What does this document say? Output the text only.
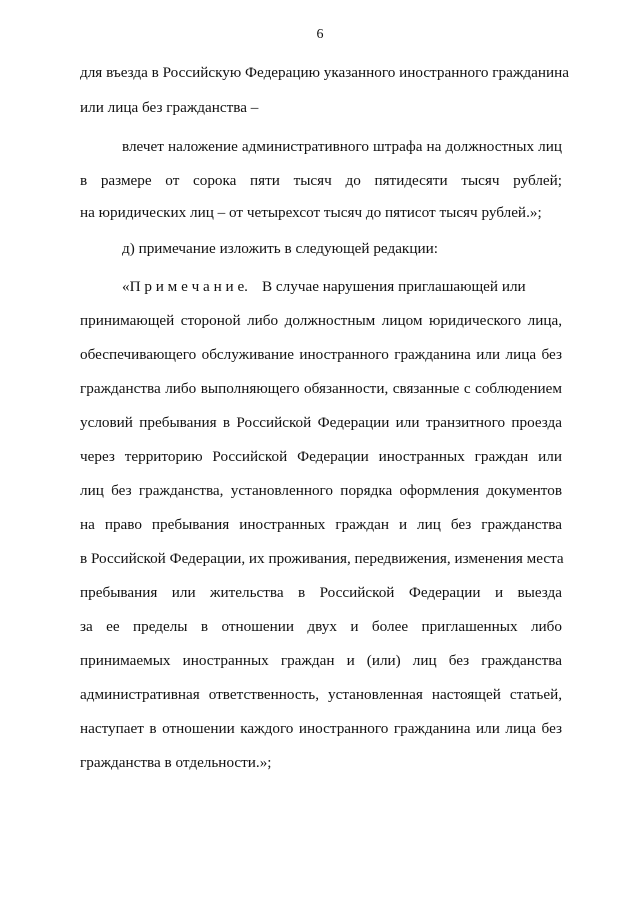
6
для въезда в Российскую Федерацию указанного иностранного гражданина
или лица без гражданства –
влечет наложение административного штрафа на должностных лиц
в размере от сорока пяти тысяч до пятидесяти тысяч рублей;
на юридических лиц – от четырехсот тысяч до пятисот тысяч рублей.»;
д) примечание изложить в следующей редакции:
«П р и м е ч а н и е. В случае нарушения приглашающей или
принимающей стороной либо должностным лицом юридического лица,
обеспечивающего обслуживание иностранного гражданина или лица без
гражданства либо выполняющего обязанности, связанные с соблюдением
условий пребывания в Российской Федерации или транзитного проезда
через территорию Российской Федерации иностранных граждан или
лиц без гражданства, установленного порядка оформления документов
на право пребывания иностранных граждан и лиц без гражданства
в Российской Федерации, их проживания, передвижения, изменения места
пребывания или жительства в Российской Федерации и выезда
за ее пределы в отношении двух и более приглашенных либо
принимаемых иностранных граждан и (или) лиц без гражданства
административная ответственность, установленная настоящей статьей,
наступает в отношении каждого иностранного гражданина или лица без
гражданства в отдельности.»;
